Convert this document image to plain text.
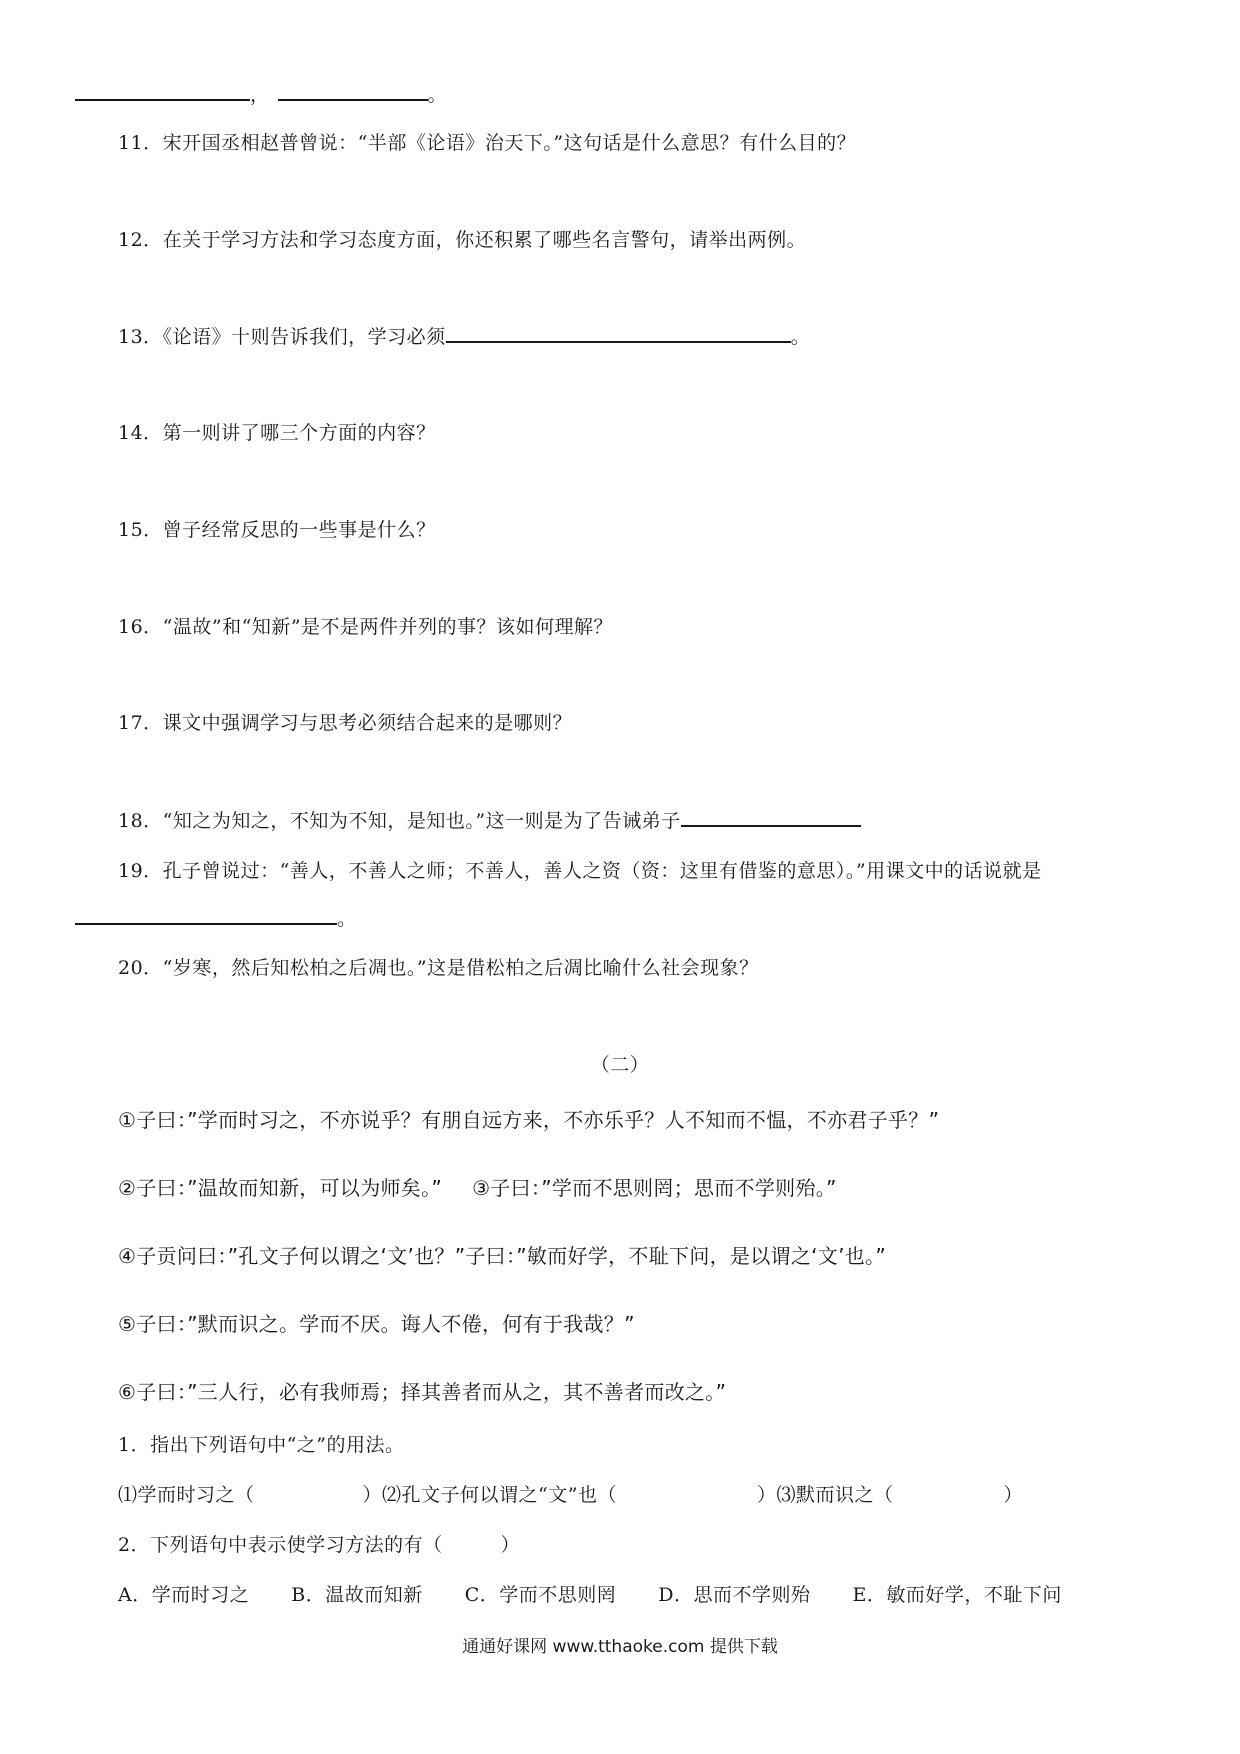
，	。
11．宋开国丞相赵普曾说：“半部《论语》治天下。”这句话是什么意思？有什么目的？
12．在关于学习方法和学习态度方面，你还积累了哪些名言警句，请举出两例。
13．《论语》十则告诉我们，学习必须	。
14．第一则讲了哪三个方面的内容？
15．曾子经常反思的一些事是什么？
16．“温故”和“知新”是不是两件并列的事？该如何理解？
17．课文中强调学习与思考必须结合起来的是哪则？
18．“知之为知之，不知为不知，是知也。”这一则是为了告诫弟子
19．孔子曾说过：“善人，不善人之师；不善人，善人之资（资：这里有借鉴的意思）。”用课文中的话说就是
。
20．“岁寒，然后知松柏之后凋也。”这是借松柏之后凋比喻什么社会现象？
（二）
①子曰：”学而时习之，不亦说乎？有朋自远方来，不亦乐乎？人不知而不愠，不亦君子乎？”
②子曰：”温故而知新，可以为师矣。” ③子曰：”学而不思则罔；思而不学则殆。”
④子贡问曰：”孔文子何以谓之‘文’也？”子曰：”敏而好学，不耻下问，是以谓之‘文’也。”
⑤子曰：”默而识之。学而不厌。诲人不倦，何有于我哉？”
⑥子曰：”三人行，必有我师焉；择其善者而从之，其不善者而改之。”
1．指出下列语句中“之”的用法。
⑴学而时习之（	）⑵孔文子何以谓之“文”也（	）⑶默而识之（	）
2．下列语句中表示使学习方法的有（	）
A．学而时习之 B．温故而知新 C．学而不思则罔 D．思而不学则殆 E．敏而好学，不耻下问
通通好课网 www.tthaoke.com 提供下载
